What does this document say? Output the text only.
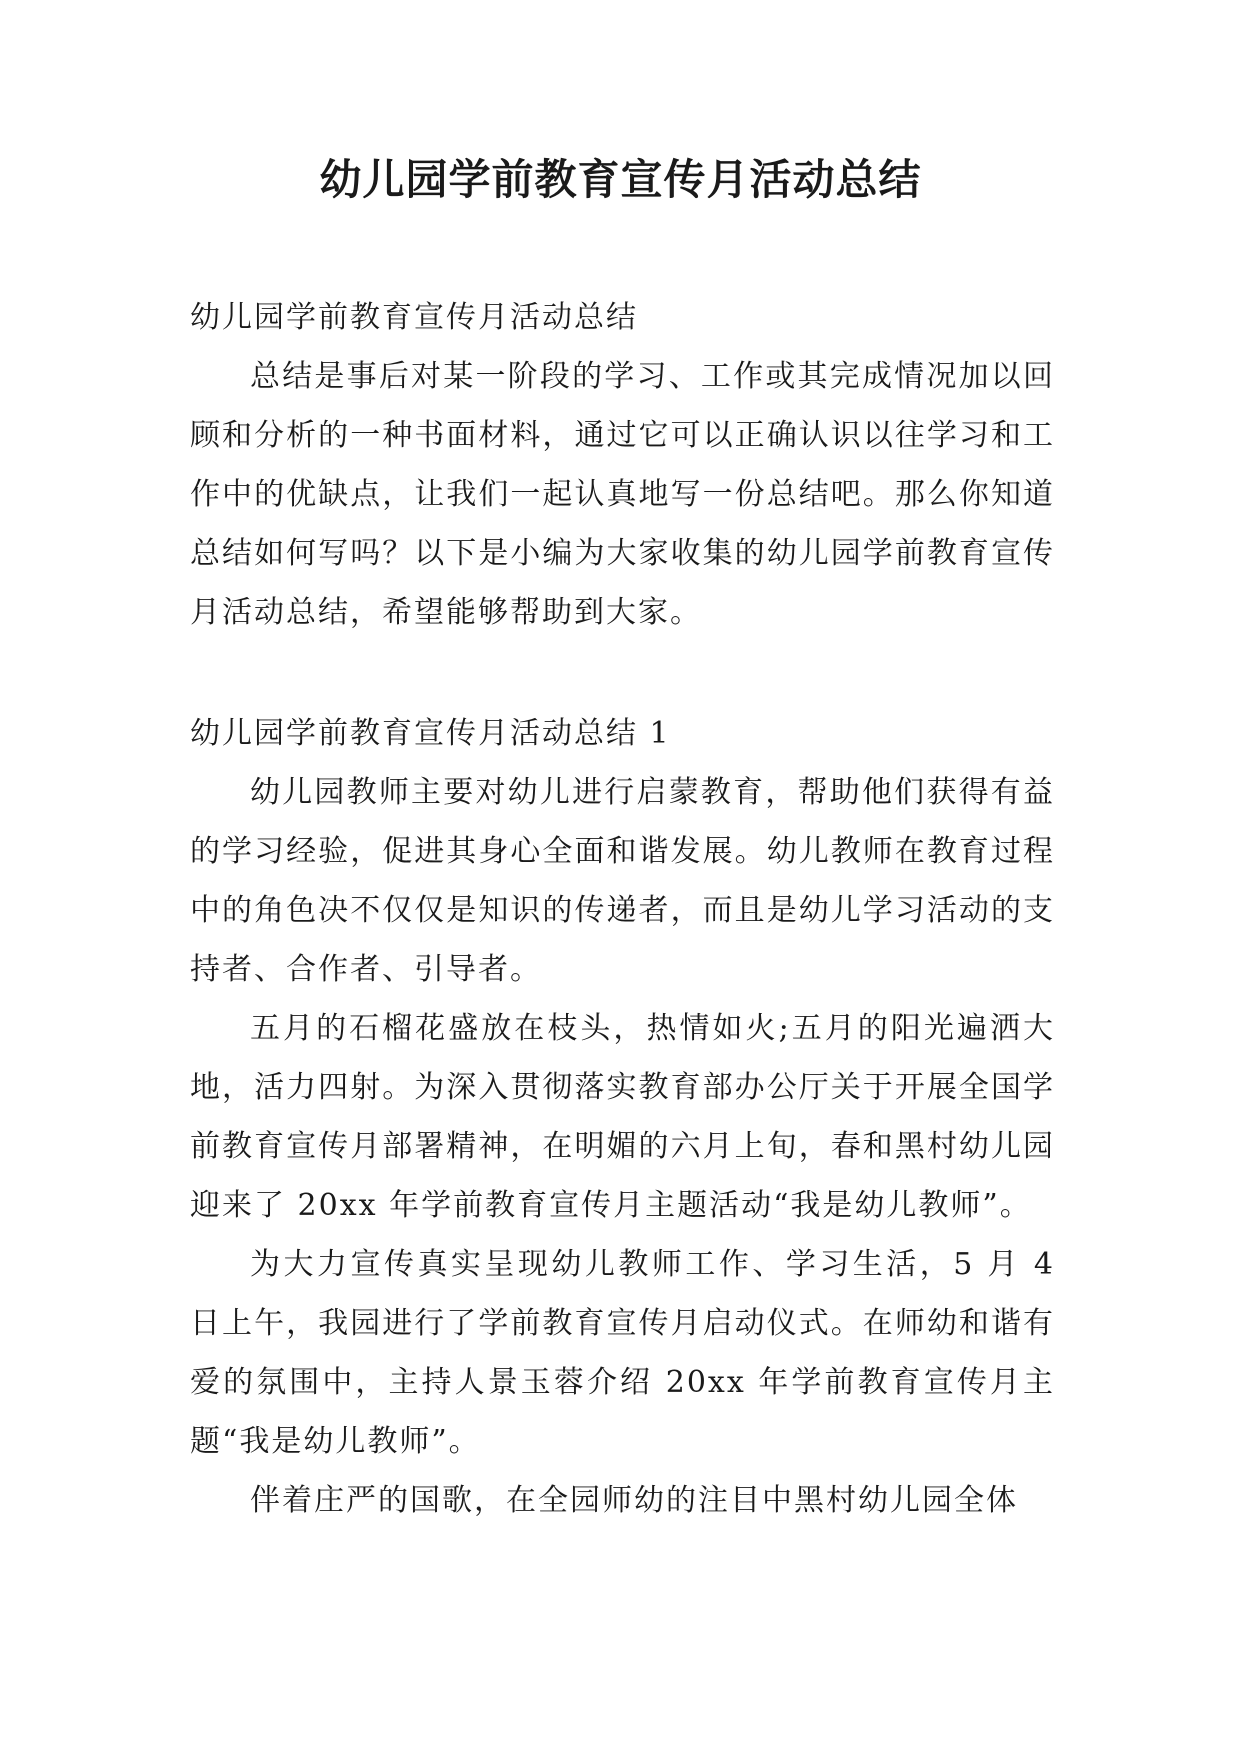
幼儿园学前教育宣传月活动总结

幼儿园学前教育宣传月活动总结

总结是事后对某一阶段的学习、工作或其完成情况加以回顾和分析的一种书面材料，通过它可以正确认识以往学习和工作中的优缺点，让我们一起认真地写一份总结吧。那么你知道总结如何写吗？以下是小编为大家收集的幼儿园学前教育宣传月活动总结，希望能够帮助到大家。

幼儿园学前教育宣传月活动总结 1

幼儿园教师主要对幼儿进行启蒙教育，帮助他们获得有益的学习经验，促进其身心全面和谐发展。幼儿教师在教育过程中的角色决不仅仅是知识的传递者，而且是幼儿学习活动的支持者、合作者、引导者。

五月的石榴花盛放在枝头，热情如火;五月的阳光遍洒大地，活力四射。为深入贯彻落实教育部办公厅关于开展全国学前教育宣传月部署精神，在明媚的六月上旬，春和黑村幼儿园迎来了 20xx 年学前教育宣传月主题活动“我是幼儿教师”。

为大力宣传真实呈现幼儿教师工作、学习生活，5 月 4 日上午，我园进行了学前教育宣传月启动仪式。在师幼和谐有爱的氛围中，主持人景玉蓉介绍 20xx 年学前教育宣传月主题“我是幼儿教师”。

伴着庄严的国歌，在全园师幼的注目中黑村幼儿园全体
